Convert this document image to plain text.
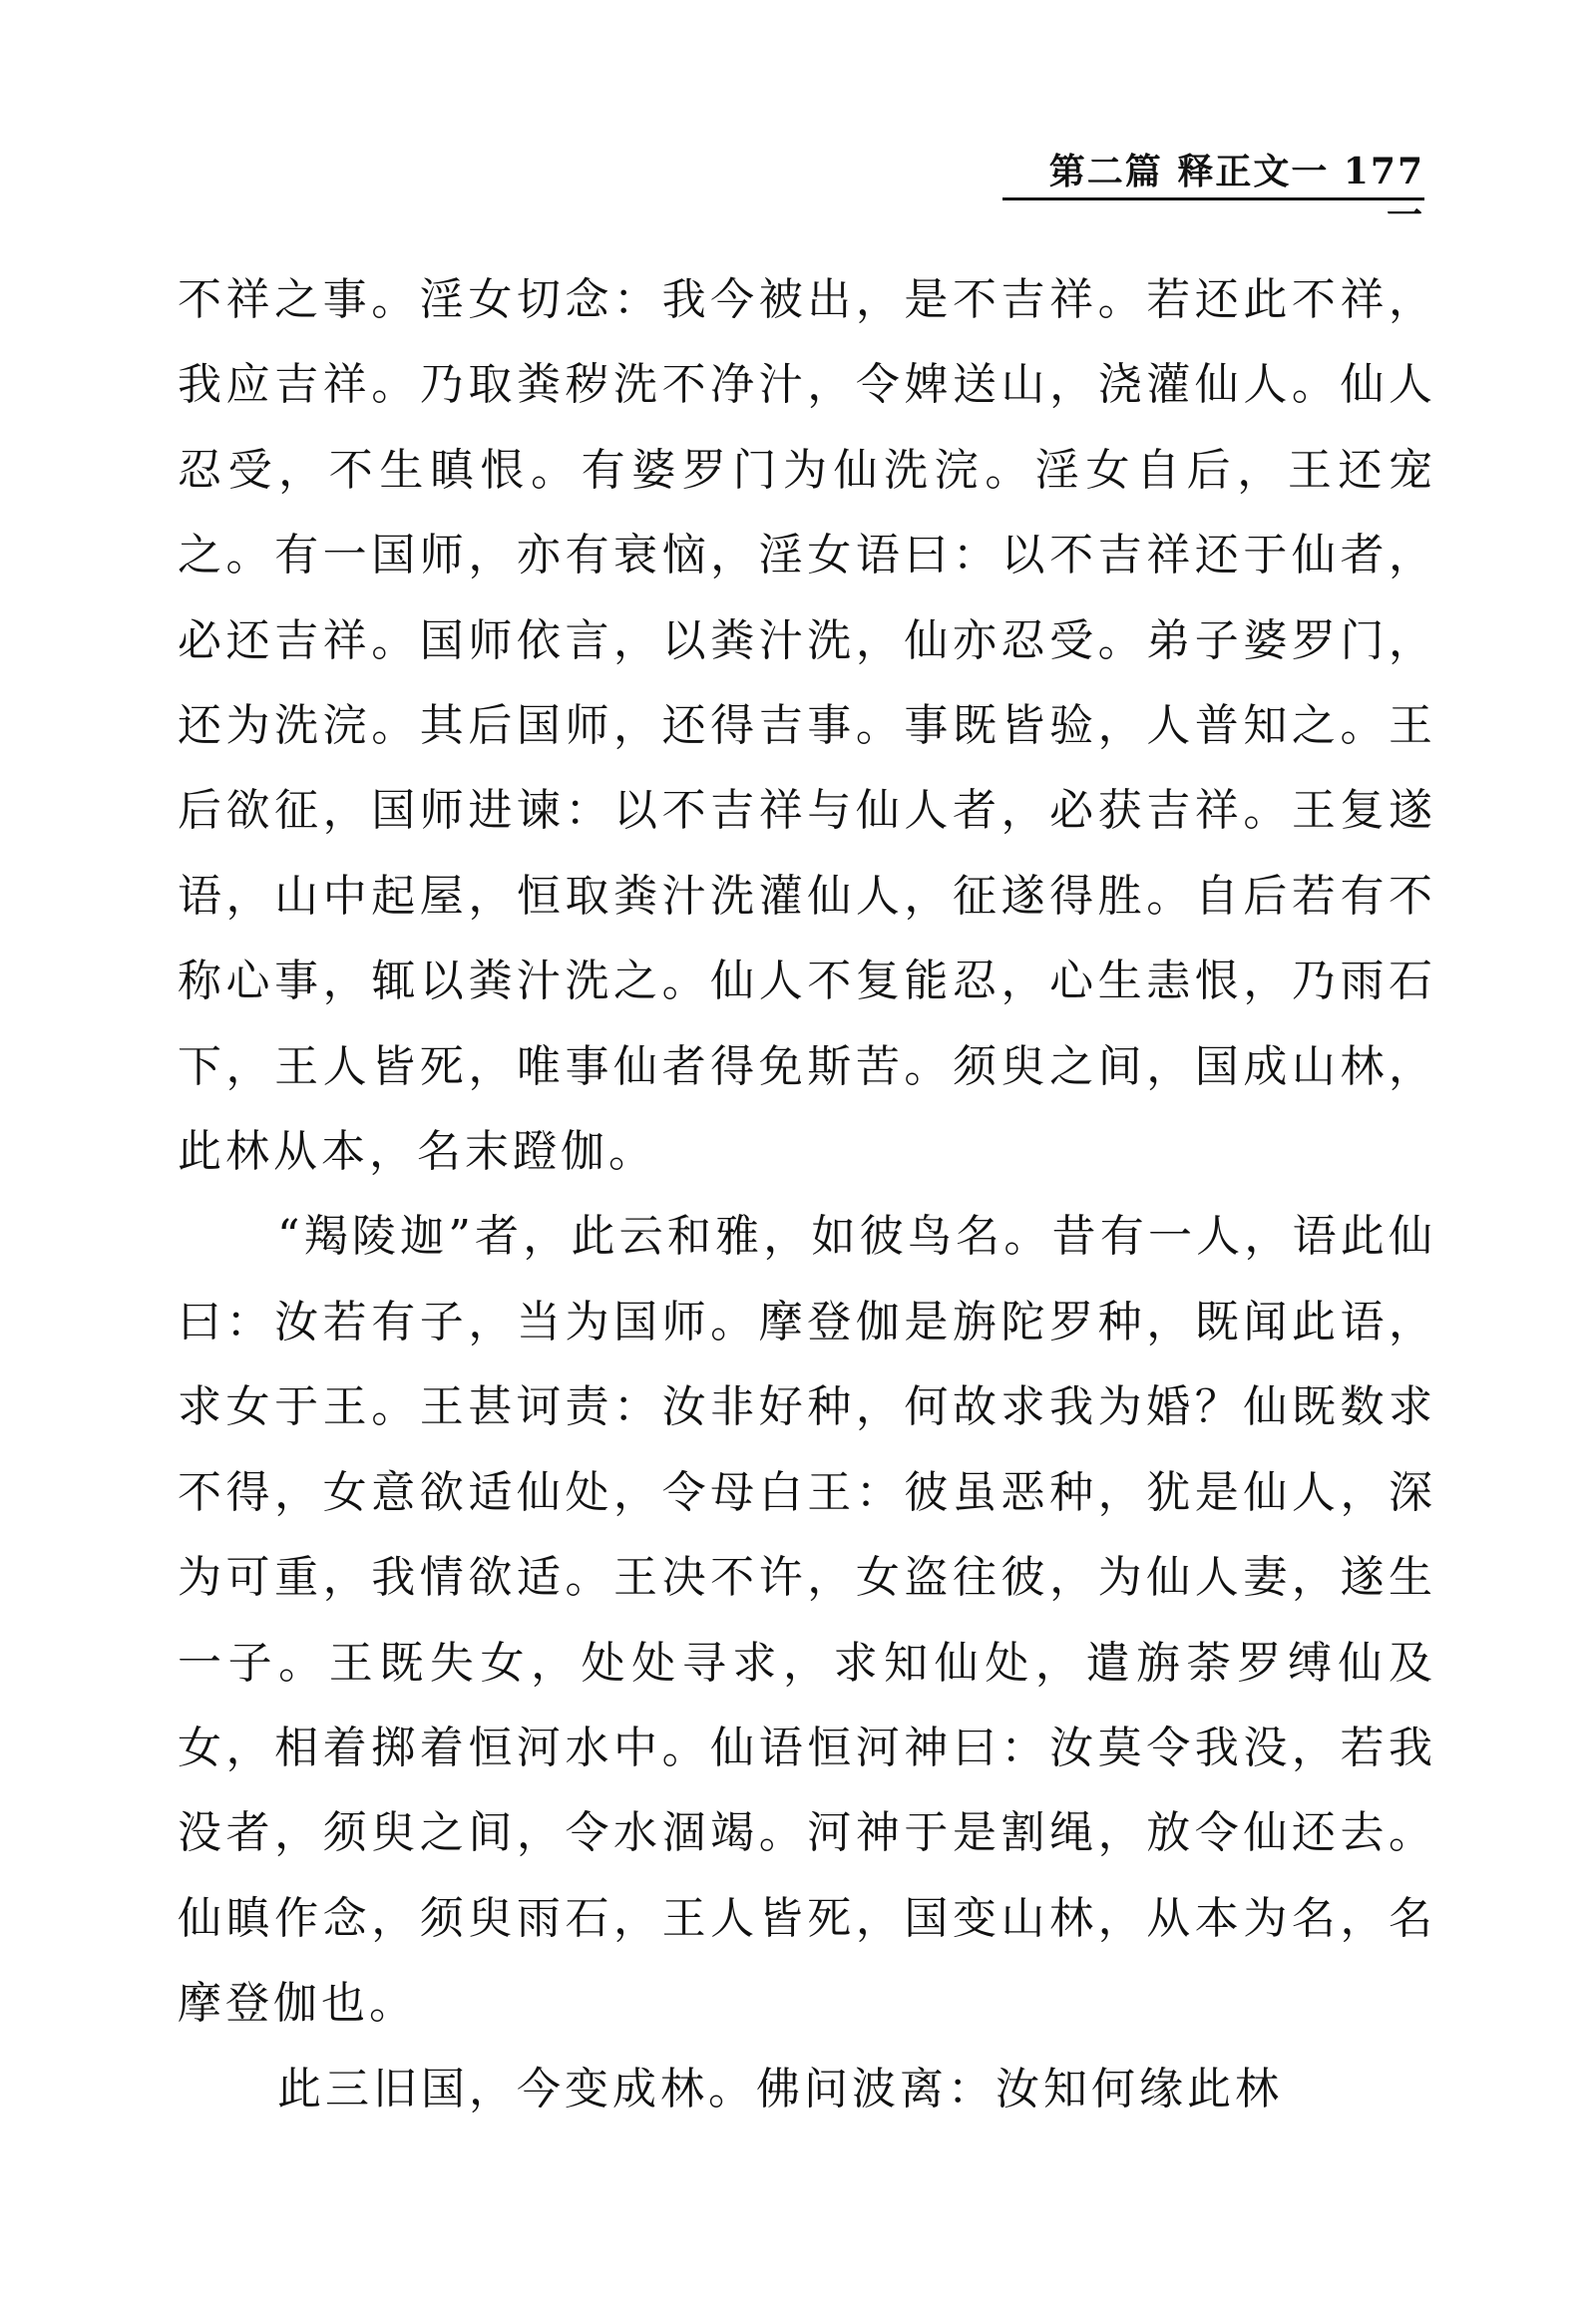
第二篇 释正文一 177 一

不祥之事。淫女切念：我今被出，是不吉祥。若还此不祥，我应吉祥。乃取粪秽洗不净汁，令婢送山，浇灌仙人。仙人忍受，不生瞋恨。有婆罗门为仙洗浣。淫女自后，王还宠之。有一国师，亦有衰恼，淫女语曰：以不吉祥还于仙者，必还吉祥。国师依言，以粪汁洗，仙亦忍受。弟子婆罗门，还为洗浣。其后国师，还得吉事。事既皆验，人普知之。王后欲征，国师进谏：以不吉祥与仙人者，必获吉祥。王复遂语，山中起屋，恒取粪汁洗灌仙人，征遂得胜。自后若有不称心事，辄以粪汁洗之。仙人不复能忍，心生恚恨，乃雨石下，王人皆死，唯事仙者得免斯苦。须臾之间，国成山林，此林从本，名末蹬伽。

“羯陵迦”者，此云和雅，如彼鸟名。昔有一人，语此仙曰：汝若有子，当为国师。摩登伽是旃陀罗种，既闻此语，求女于王。王甚诃责：汝非好种，何故求我为婚？仙既数求不得，女意欲适仙处，令母白王：彼虽恶种，犹是仙人，深为可重，我情欲适。王决不许，女盗往彼，为仙人妻，遂生一子。王既失女，处处寻求，求知仙处，遣旃荼罗缚仙及女，相着掷着恒河水中。仙语恒河神曰：汝莫令我没，若我没者，须臾之间，令水涸竭。河神于是割绳，放令仙还去。仙瞋作念，须臾雨石，王人皆死，国变山林，从本为名，名摩登伽也。

此三旧国，今变成林。佛问波离：汝知何缘此林
